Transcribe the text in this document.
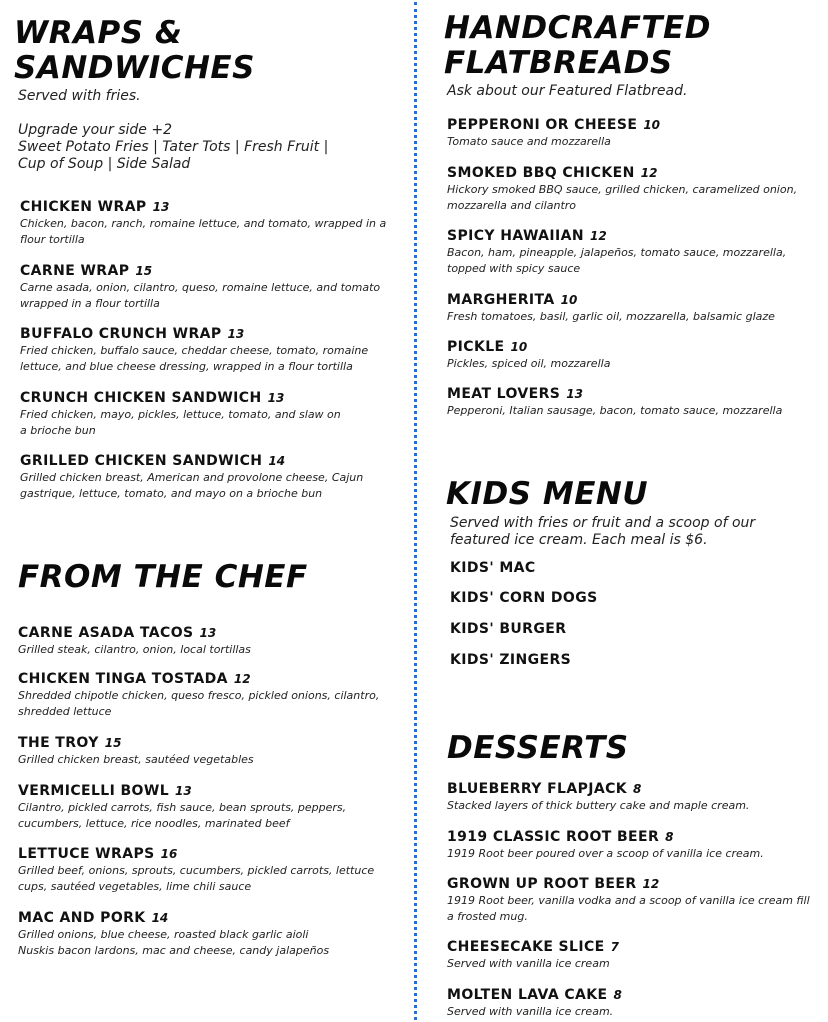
WRAPS &
SANDWICHES

Served with fries.

Upgrade your side +2
Sweet Potato Fries | Tater Tots | Fresh Fruit |
Cup of Soup | Side Salad

CHICKEN WRAP 13
Chicken, bacon, ranch, romaine lettuce, and tomato, wrapped in a
flour tortilla
CARNE WRAP 15
Carne asada, onion, cilantro, queso, romaine lettuce, and tomato
wrapped in a flour tortilla
BUFFALO CRUNCH WRAP 13
Fried chicken, buffalo sauce, cheddar cheese, tomato, romaine
lettuce, and blue cheese dressing, wrapped in a flour tortilla
CRUNCH CHICKEN SANDWICH 13
Fried chicken, mayo, pickles, lettuce, tomato, and slaw on
a brioche bun
GRILLED CHICKEN SANDWICH 14
Grilled chicken breast, American and provolone cheese, Cajun
gastrique, lettuce, tomato, and mayo on a brioche bun
FROM THE CHEF
CARNE ASADA TACOS 13
Grilled steak, cilantro, onion, local tortillas
CHICKEN TINGA TOSTADA 12
Shredded chipotle chicken, queso fresco, pickled onions, cilantro,
shredded lettuce
THE TROY 15
Grilled chicken breast, sautéed vegetables
VERMICELLI BOWL 13
Cilantro, pickled carrots, fish sauce, bean sprouts, peppers,
cucumbers, lettuce, rice noodles, marinated beef
LETTUCE WRAPS 16
Grilled beef, onions, sprouts, cucumbers, pickled carrots, lettuce
cups, sautéed vegetables, lime chili sauce
MAC AND PORK 14
Grilled onions, blue cheese, roasted black garlic aioli
Nuskis bacon lardons, mac and cheese, candy jalapeños
HANDCRAFTED
FLATBREADS

Ask about our Featured Flatbread.

PEPPERONI OR CHEESE 10
Tomato sauce and mozzarella
SMOKED BBQ CHICKEN 12
Hickory smoked BBQ sauce, grilled chicken, caramelized onion,
mozzarella and cilantro
SPICY HAWAIIAN 12
Bacon, ham, pineapple, jalapeños, tomato sauce, mozzarella,
topped with spicy sauce
MARGHERITA 10
Fresh tomatoes, basil, garlic oil, mozzarella, balsamic glaze
PICKLE 10
Pickles, spiced oil, mozzarella
MEAT LOVERS 13
Pepperoni, Italian sausage, bacon, tomato sauce, mozzarella
KIDS MENU

Served with fries or fruit and a scoop of our
featured ice cream. Each meal is $6.

KIDS' MAC
KIDS' CORN DOGS
KIDS' BURGER
KIDS' ZINGERS
DESSERTS
BLUEBERRY FLAPJACK 8
Stacked layers of thick buttery cake and maple cream.
1919 CLASSIC ROOT BEER 8
1919 Root beer poured over a scoop of vanilla ice cream.
GROWN UP ROOT BEER 12
1919 Root beer, vanilla vodka and a scoop of vanilla ice cream fill
a frosted mug.
CHEESECAKE SLICE 7
Served with vanilla ice cream
MOLTEN LAVA CAKE 8
Served with vanilla ice cream.
